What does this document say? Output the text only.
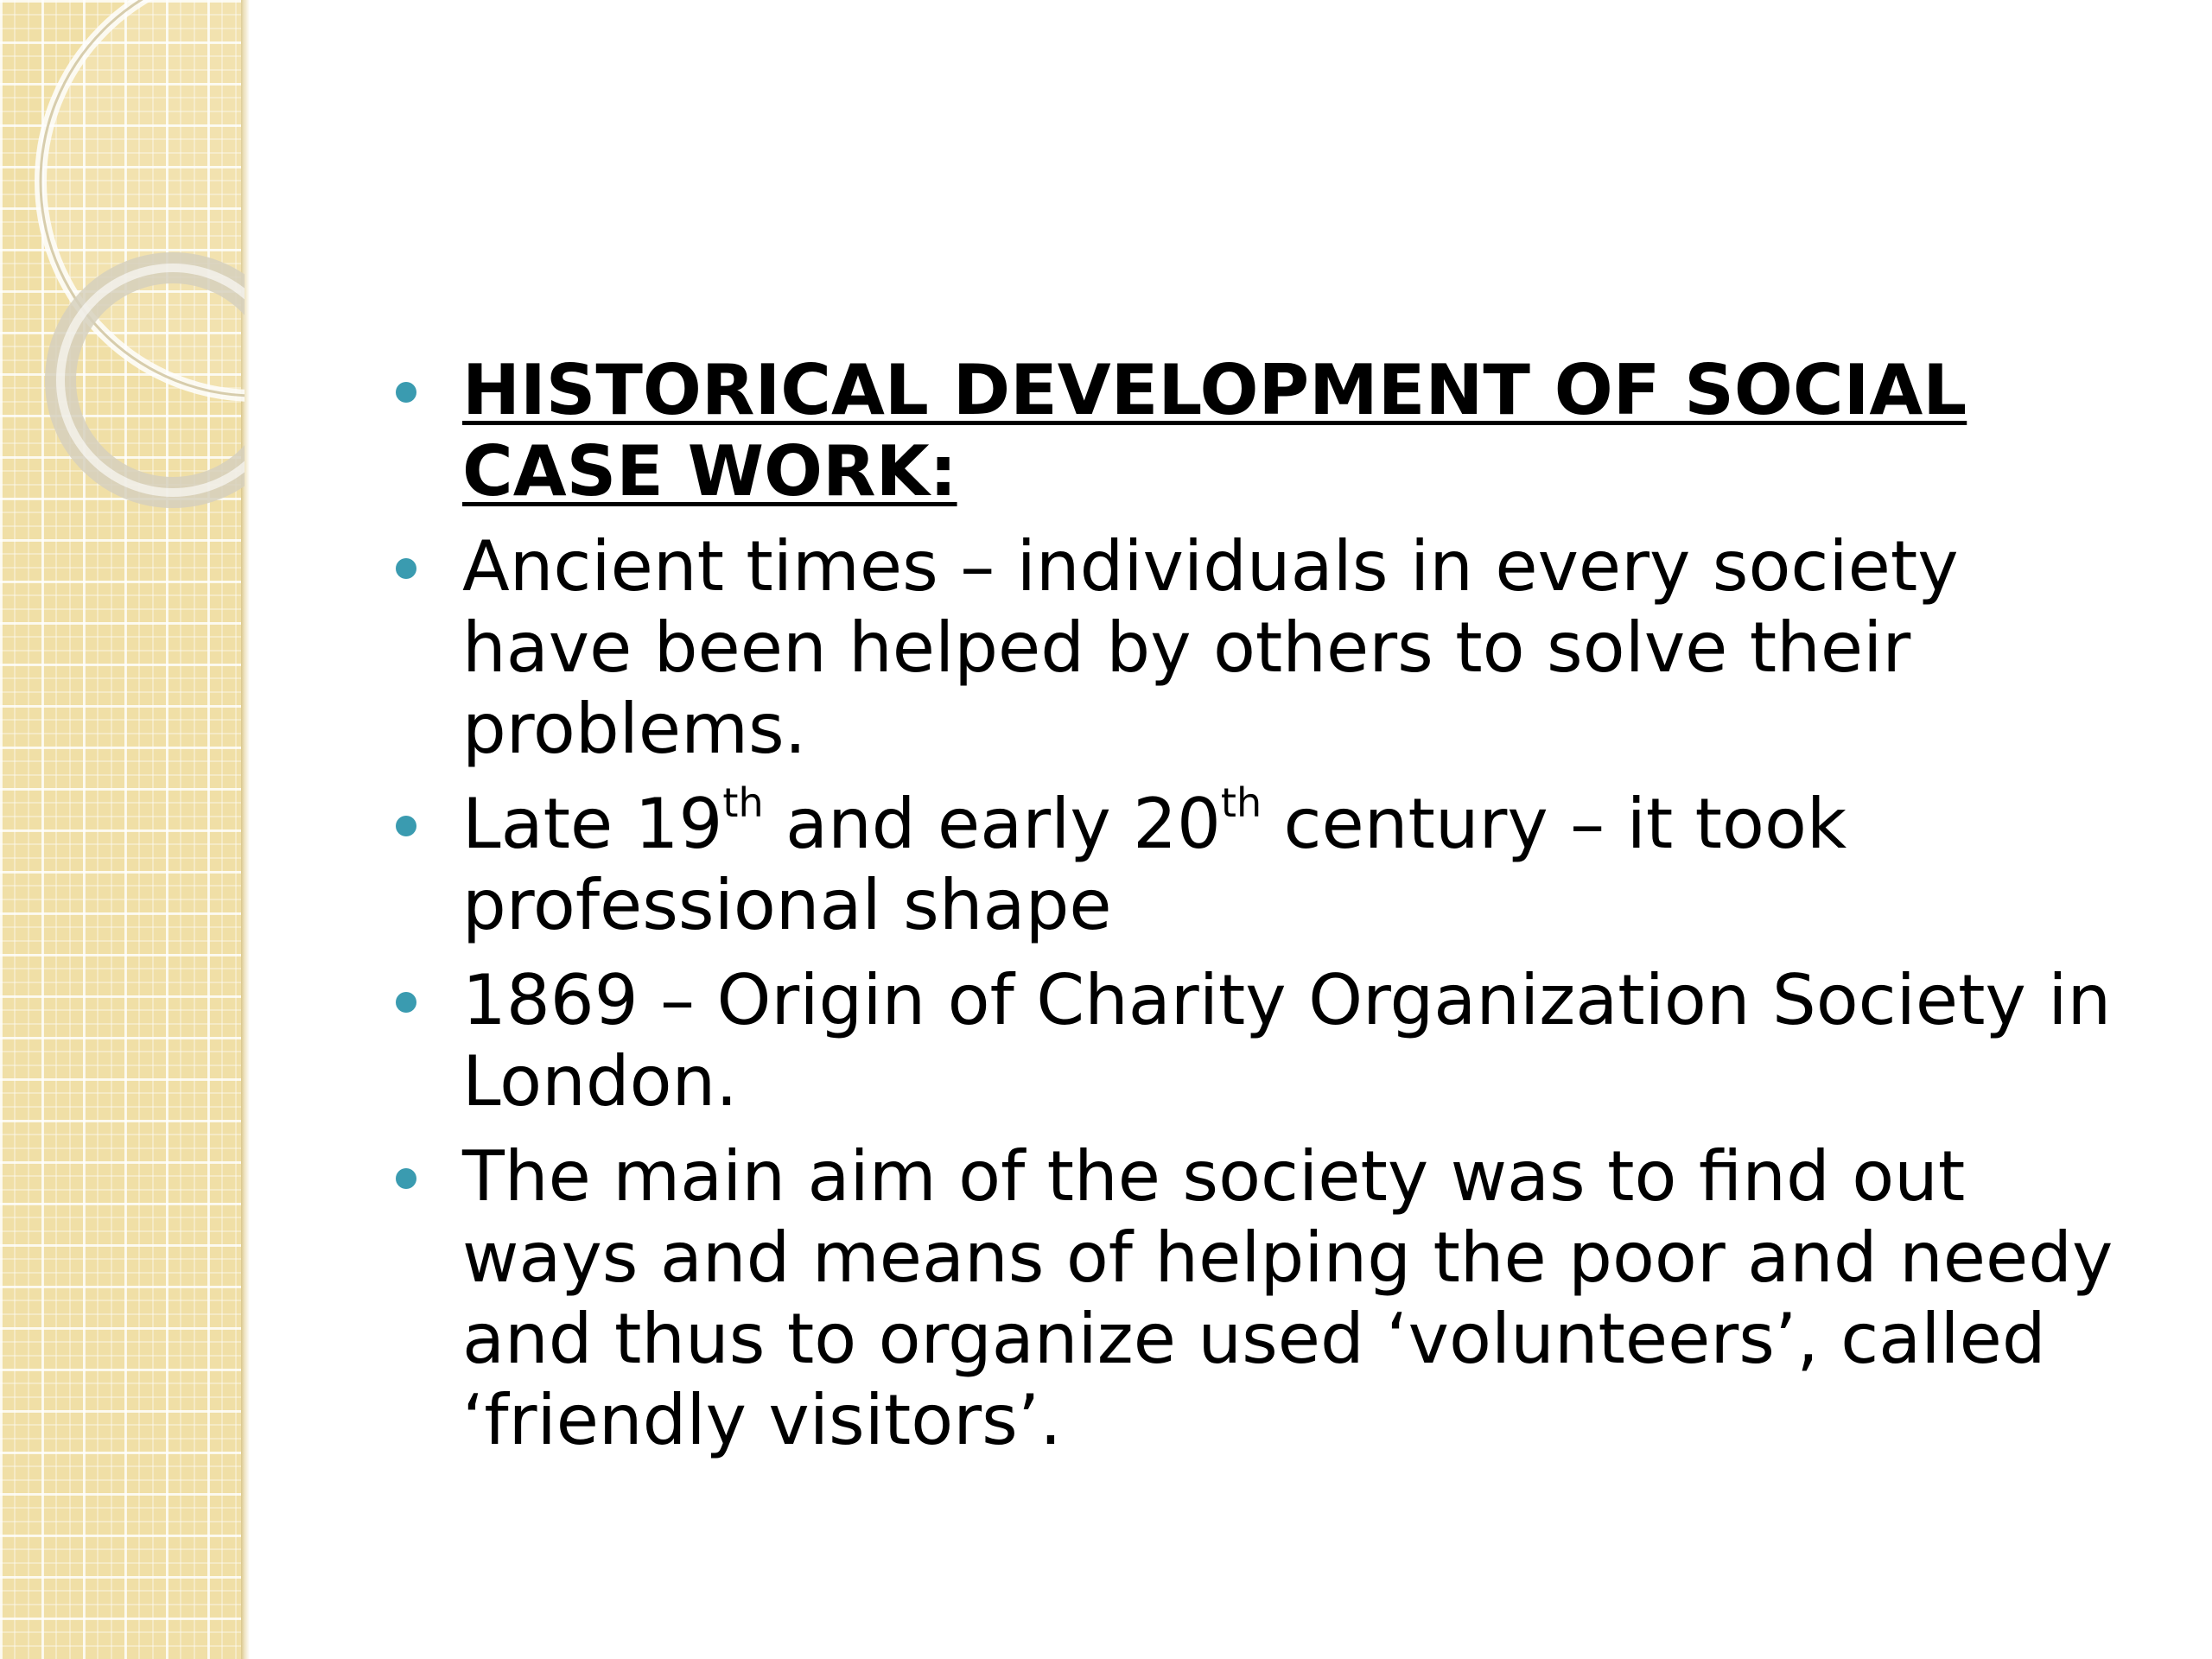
HISTORICAL DEVELOPMENT OF SOCIAL CASE WORK:
Ancient times – individuals in every society have been helped by others to solve their problems.
Late 19th and early 20th century – it took professional shape
1869 – Origin of Charity Organization Society in London.
The main aim of the society was to find out ways and means of helping the poor and needy and thus to organize used ‘volunteers’, called ‘friendly visitors’.
